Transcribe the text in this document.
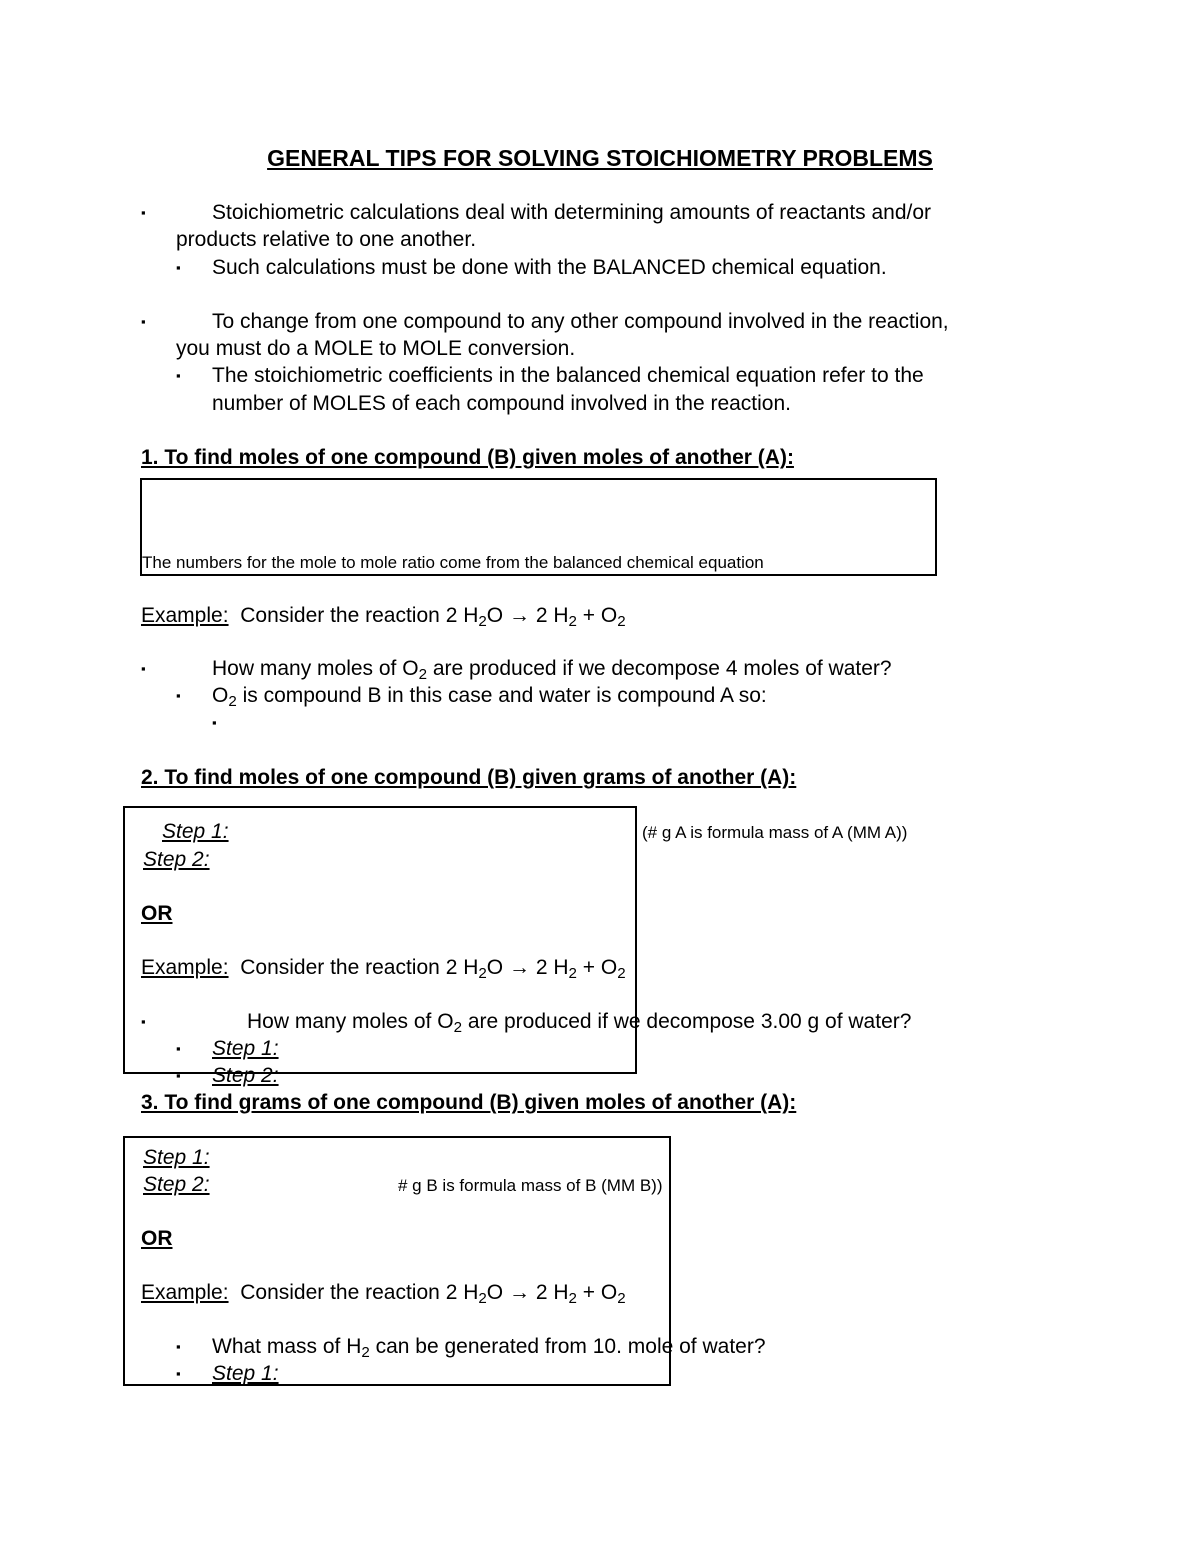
GENERAL TIPS FOR SOLVING STOICHIOMETRY PROBLEMS
▪	Stoichiometric calculations deal with determining amounts of reactants and/or
products relative to one another.
▪ Such calculations must be done with the BALANCED chemical equation.
▪	To change from one compound to any other compound involved in the reaction,
you must do a MOLE to MOLE conversion.
▪ The stoichiometric coefficients in the balanced chemical equation refer to the
number of MOLES of each compound involved in the reaction.
1. To find moles of one compound (B) given moles of another (A):
The numbers for the mole to mole ratio come from the balanced chemical equation
Example: Consider the reaction 2 $H_2O \to 2$ $H_2 + O_2$
▪	How many moles of $O_2$ are produced if we decompose 4 moles of water?
▪ $O_2$ is compound B in this case and water is compound A so:
▪
2. To find moles of one compound (B) given grams of another (A):
Step 1:	(# g A is formula mass of A (MM A))
Step 2:
OR
Example: Consider the reaction 2 $H_2O \to 2$ $H_2 + O_2$
▪	How many moles of $O_2$ are produced if we decompose 3.00 g of water?
▪ Step 1:
▪ Step 2:
3. To find grams of one compound (B) given moles of another (A):
Step 1:
Step 2:	# g B is formula mass of B (MM B))
OR
Example: Consider the reaction 2 $H_2O \to 2$ $H_2 + O_2$
▪ What mass of $H_2$ can be generated from 10. mole of water?
▪ Step 1:
